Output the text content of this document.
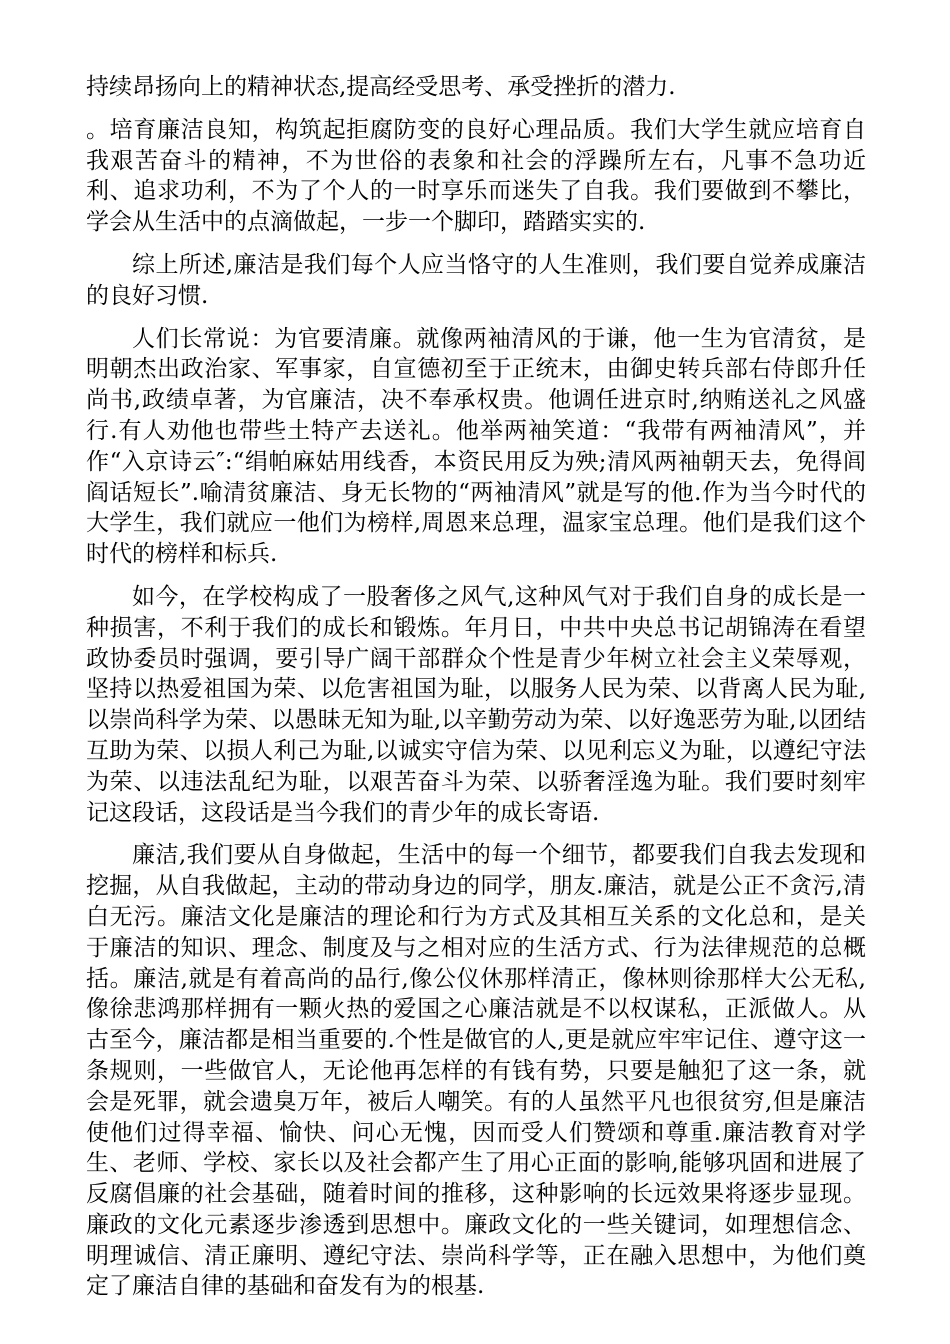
持续昂扬向上的精神状态,提高经受思考、承受挫折的潜力.

。培育廉洁良知，构筑起拒腐防变的良好心理品质。我们大学生就应培育自我艰苦奋斗的精神，不为世俗的表象和社会的浮躁所左右，凡事不急功近利、追求功利，不为了个人的一时享乐而迷失了自我。我们要做到不攀比，学会从生活中的点滴做起，一步一个脚印，踏踏实实的.

综上所述,廉洁是我们每个人应当恪守的人生准则，我们要自觉养成廉洁的良好习惯.

人们长常说：为官要清廉。就像两袖清风的于谦，他一生为官清贫，是明朝杰出政治家、军事家，自宣德初至于正统末，由御史转兵部右侍郎升任尚书,政绩卓著，为官廉洁，决不奉承权贵。他调任进京时,纳贿送礼之风盛行.有人劝他也带些土特产去送礼。他举两袖笑道：“我带有两袖清风”，并作“入京诗云″:“绢帕麻姑用线香，本资民用反为殃;清风两袖朝天去，免得闾阎话短长”.喻清贫廉洁、身无长物的“两袖清风”就是写的他.作为当今时代的大学生，我们就应一他们为榜样,周恩来总理，温家宝总理。他们是我们这个时代的榜样和标兵.

如今，在学校构成了一股奢侈之风气,这种风气对于我们自身的成长是一种损害，不利于我们的成长和锻炼。年月日，中共中央总书记胡锦涛在看望政协委员时强调，要引导广阔干部群众个性是青少年树立社会主义荣辱观，坚持以热爱祖国为荣、以危害祖国为耻，以服务人民为荣、以背离人民为耻,以崇尚科学为荣、以愚昧无知为耻,以辛勤劳动为荣、以好逸恶劳为耻,以团结互助为荣、以损人利己为耻,以诚实守信为荣、以见利忘义为耻，以遵纪守法为荣、以违法乱纪为耻，以艰苦奋斗为荣、以骄奢淫逸为耻。我们要时刻牢记这段话，这段话是当今我们的青少年的成长寄语.

廉洁,我们要从自身做起，生活中的每一个细节，都要我们自我去发现和挖掘，从自我做起，主动的带动身边的同学，朋友.廉洁，就是公正不贪污,清白无污。廉洁文化是廉洁的理论和行为方式及其相互关系的文化总和，是关于廉洁的知识、理念、制度及与之相对应的生活方式、行为法律规范的总概括。廉洁,就是有着高尚的品行,像公仪休那样清正，像林则徐那样大公无私,像徐悲鸿那样拥有一颗火热的爱国之心廉洁就是不以权谋私，正派做人。从古至今，廉洁都是相当重要的.个性是做官的人,更是就应牢牢记住、遵守这一条规则，一些做官人，无论他再怎样的有钱有势，只要是触犯了这一条，就会是死罪，就会遗臭万年，被后人嘲笑。有的人虽然平凡也很贫穷,但是廉洁使他们过得幸福、愉快、问心无愧，因而受人们赞颂和尊重.廉洁教育对学生、老师、学校、家长以及社会都产生了用心正面的影响,能够巩固和进展了反腐倡廉的社会基础，随着时间的推移，这种影响的长远效果将逐步显现。廉政的文化元素逐步渗透到思想中。廉政文化的一些关键词，如理想信念、明理诚信、清正廉明、遵纪守法、崇尚科学等，正在融入思想中，为他们奠定了廉洁自律的基础和奋发有为的根基.
